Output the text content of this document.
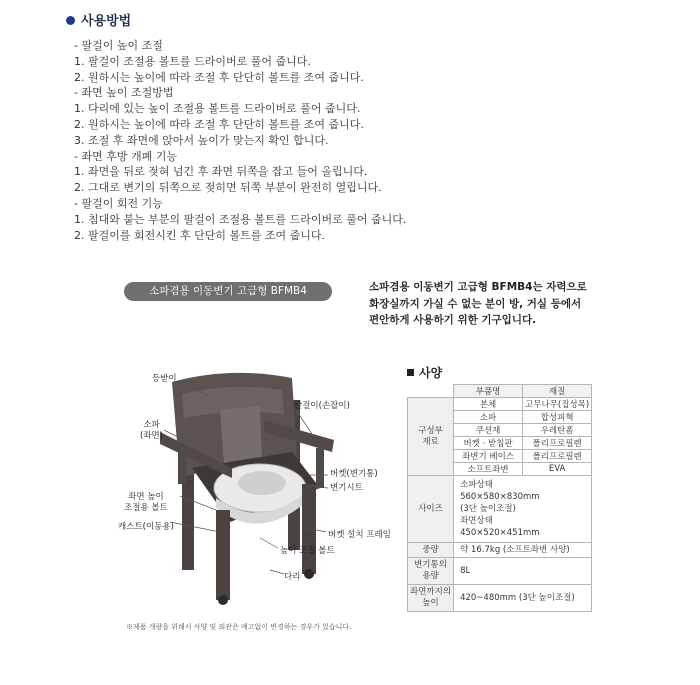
사용방법
- 팔걸이 높이 조절
1. 팔걸이 조절용 볼트를 드라이버로 풀어 줍니다.
2. 원하시는 높이에 따라 조절 후 단단히 볼트를 조여 줍니다.
- 좌면 높이 조절방법
1. 다리에 있는 높이 조절용 볼트를 드라이버로 풀어 줍니다.
2. 원하시는 높이에 따라 조절 후 단단히 볼트를 조여 줍니다.
3. 조절 후 좌면에 앉아서 높이가 맞는지 확인 합니다.
- 좌면 후방 개폐 기능
1. 좌면을 뒤로 젖혀 넘긴 후 좌면 뒤쪽을 잡고 들어 올립니다.
2. 그대로 변기의 뒤쪽으로 젖히면 뒤쪽 부분이 완전히 열립니다.
- 팔걸이 회전 기능
1. 침대와 붙는 부분의 팔걸이 조절용 볼트를 드라이버로 풀어 줍니다.
2. 팔걸이를 회전시킨 후 단단히 볼트를 조여 줍니다.
소파겸용 이동변기 고급형 BFMB4	소파겸용 이동변기 고급형 BFMB4는 자력으로
화장실까지 가실 수 없는 분이 방, 거실 등에서
편안하게 사용하기 위한 기구입니다.
등받이
소파
(좌면)
팔걸이(손잡이)
버켓(변기통)
변기시트
좌면 높이
조절용 볼트
캐스트(이동용)
버켓 설치 프레임
높이 조절 볼트
다리
사양
	부품명	재질
구성부
재료	본체	고무나무(집성목)
	소파	합성피혁
	쿠션재	우레탄폼
	버켓 · 받침판	폴리프로필렌
	좌변기 베이스	폴리프로필렌
	소프트좌변	EVA
사이즈	소파상태
560×580×830mm
(3단 높이조절)
좌면상태
450×520×451mm	

중량	약 16.7kg (소프트좌변 사양)	
변기통의
용량	8L	
좌면까지의
높이	420~480mm (3단 높이조절)	
※제품 개량을 위해서 사양 및 외관은 예고없이 변경하는 경우가 있습니다.
